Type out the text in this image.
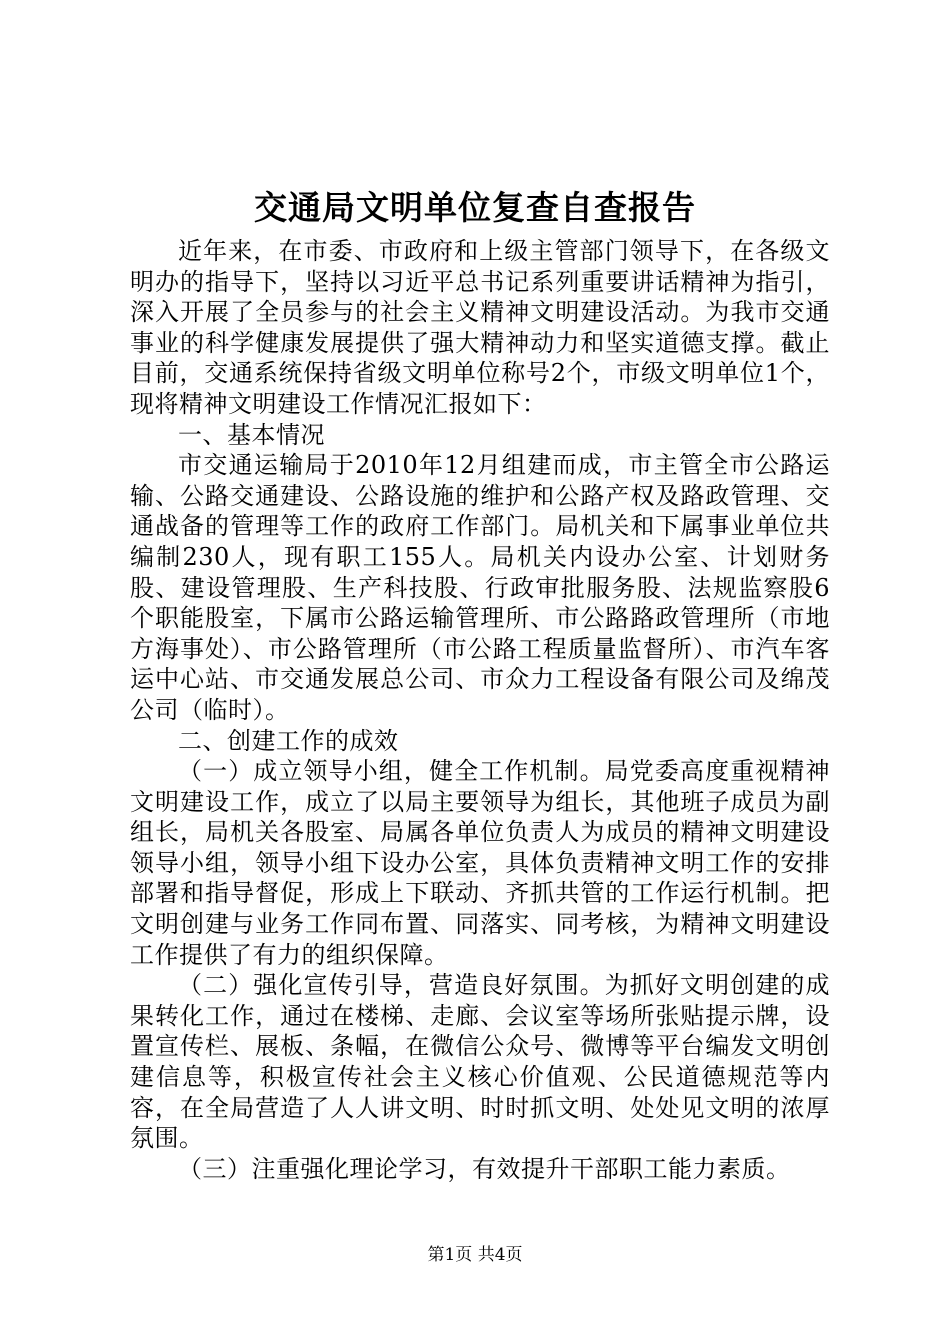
交通局文明单位复查自查报告

近年来，在市委、市政府和上级主管部门领导下，在各级文明办的指导下，坚持以习近平总书记系列重要讲话精神为指引，深入开展了全员参与的社会主义精神文明建设活动。为我市交通事业的科学健康发展提供了强大精神动力和坚实道德支撑。截止目前，交通系统保持省级文明单位称号2个，市级文明单位1个，现将精神文明建设工作情况汇报如下：

一、基本情况

市交通运输局于2010年12月组建而成，市主管全市公路运输、公路交通建设、公路设施的维护和公路产权及路政管理、交通战备的管理等工作的政府工作部门。局机关和下属事业单位共编制230人，现有职工155人。局机关内设办公室、计划财务股、建设管理股、生产科技股、行政审批服务股、法规监察股6个职能股室，下属市公路运输管理所、市公路路政管理所（市地方海事处）、市公路管理所（市公路工程质量监督所）、市汽车客运中心站、市交通发展总公司、市众力工程设备有限公司及绵茂公司（临时）。

二、创建工作的成效

（一）成立领导小组，健全工作机制。局党委高度重视精神文明建设工作，成立了以局主要领导为组长，其他班子成员为副组长，局机关各股室、局属各单位负责人为成员的精神文明建设领导小组，领导小组下设办公室，具体负责精神文明工作的安排部署和指导督促，形成上下联动、齐抓共管的工作运行机制。把文明创建与业务工作同布置、同落实、同考核，为精神文明建设工作提供了有力的组织保障。

（二）强化宣传引导，营造良好氛围。为抓好文明创建的成果转化工作，通过在楼梯、走廊、会议室等场所张贴提示牌，设置宣传栏、展板、条幅，在微信公众号、微博等平台编发文明创建信息等，积极宣传社会主义核心价值观、公民道德规范等内容，在全局营造了人人讲文明、时时抓文明、处处见文明的浓厚氛围。

（三）注重强化理论学习，有效提升干部职工能力素质。

第1页 共4页
